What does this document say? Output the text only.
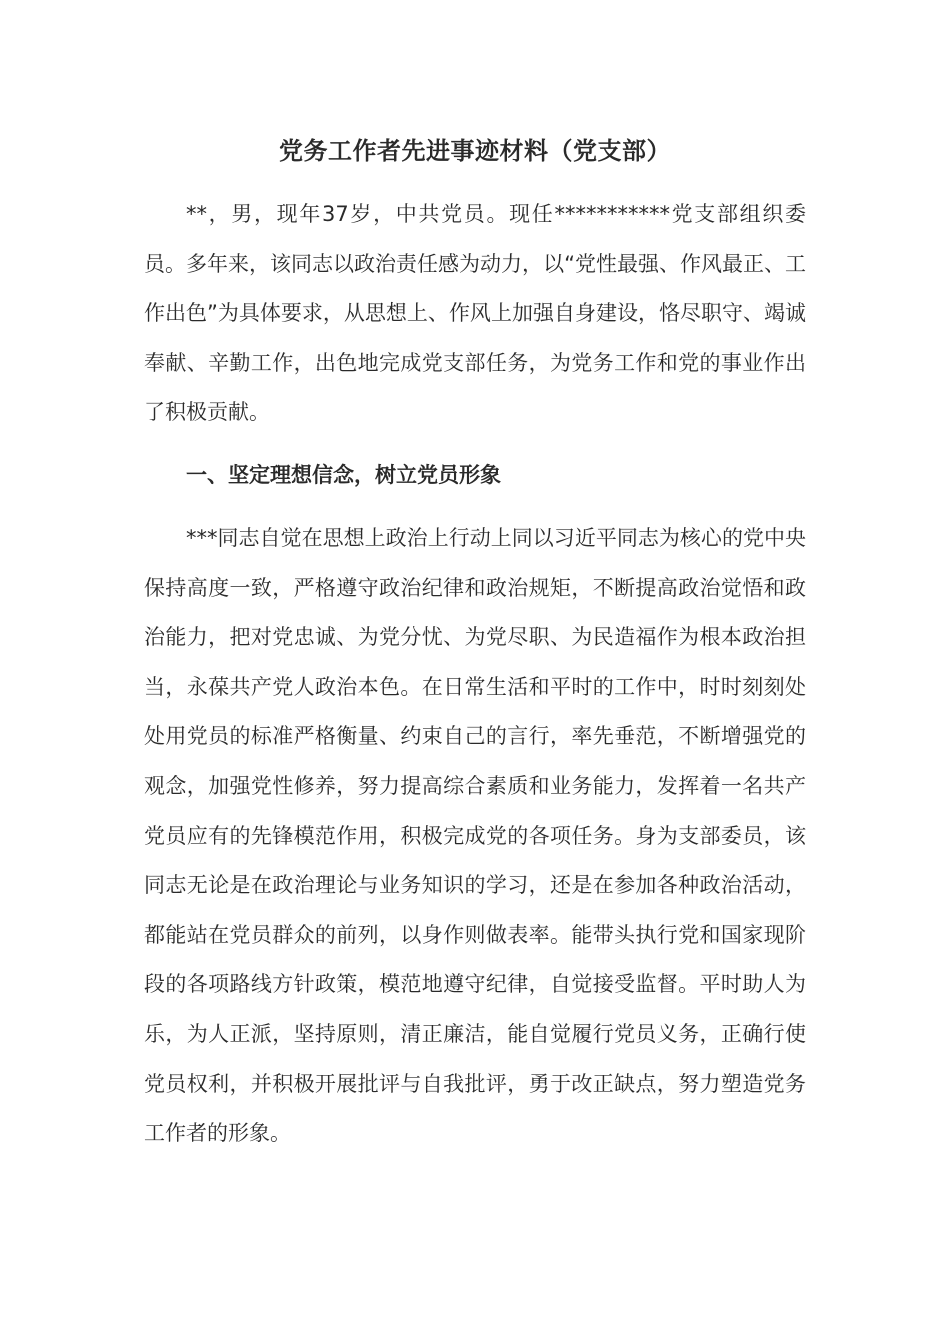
党务工作者先进事迹材料（党支部）

**，男，现年37岁，中共党员。现任***********党支部组织委员。多年来，该同志以政治责任感为动力，以“党性最强、作风最正、工作出色”为具体要求，从思想上、作风上加强自身建设，恪尽职守、竭诚奉献、辛勤工作，出色地完成党支部任务，为党务工作和党的事业作出了积极贡献。

一、坚定理想信念，树立党员形象

***同志自觉在思想上政治上行动上同以习近平同志为核心的党中央保持高度一致，严格遵守政治纪律和政治规矩，不断提高政治觉悟和政治能力，把对党忠诚、为党分忧、为党尽职、为民造福作为根本政治担当，永葆共产党人政治本色。在日常生活和平时的工作中，时时刻刻处处用党员的标准严格衡量、约束自己的言行，率先垂范，不断增强党的观念，加强党性修养，努力提高综合素质和业务能力，发挥着一名共产党员应有的先锋模范作用，积极完成党的各项任务。身为支部委员，该同志无论是在政治理论与业务知识的学习，还是在参加各种政治活动，都能站在党员群众的前列，以身作则做表率。能带头执行党和国家现阶段的各项路线方针政策，模范地遵守纪律，自觉接受监督。平时助人为乐，为人正派，坚持原则，清正廉洁，能自觉履行党员义务，正确行使党员权利，并积极开展批评与自我批评，勇于改正缺点，努力塑造党务工作者的形象。
